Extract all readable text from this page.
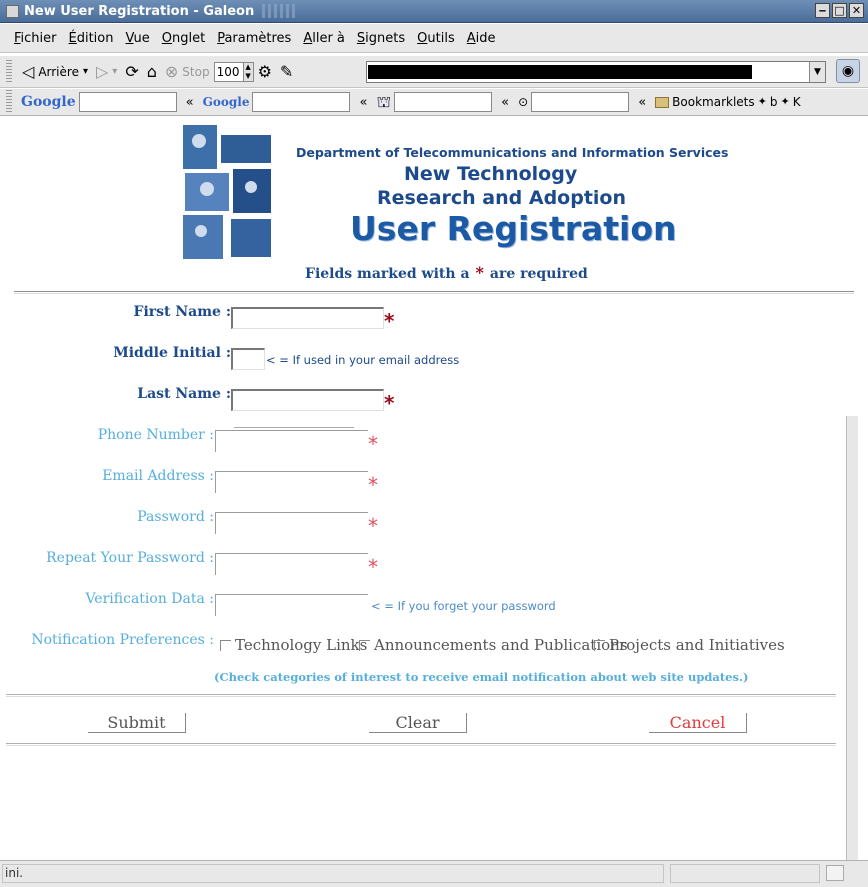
New User Registration - Galeon	‒ □ ✕
Fichier Édition Vue Onglet Paramètres Aller à Signets Outils Aide
◁ Arrière ▾ ▷ ▾ ⟳ ⌂ ⊗ Stop 100 ▲
▼ ⚙ ✎	▼	◉
Google	« Google	« ⛫	« ⊙	«	Bookmarklets ✦ b ✦ K
Department of Telecommunications and Information Services
New Technology
Research and Adoption
User Registration
Fields marked with a * are required
First Name :	*
Middle Initial :	< = If used in your email address
Last Name :	*
Phone Number :	*
Email Address :	*
Password :	*
Repeat Your Password :	*
Verification Data :	< = If you forget your password
Notification Preferences : Technology Links Announcements and Publications
Projects and Initiatives
(Check categories of interest to receive email notification about web site updates.)
Submit	Clear	Cancel
ini.
